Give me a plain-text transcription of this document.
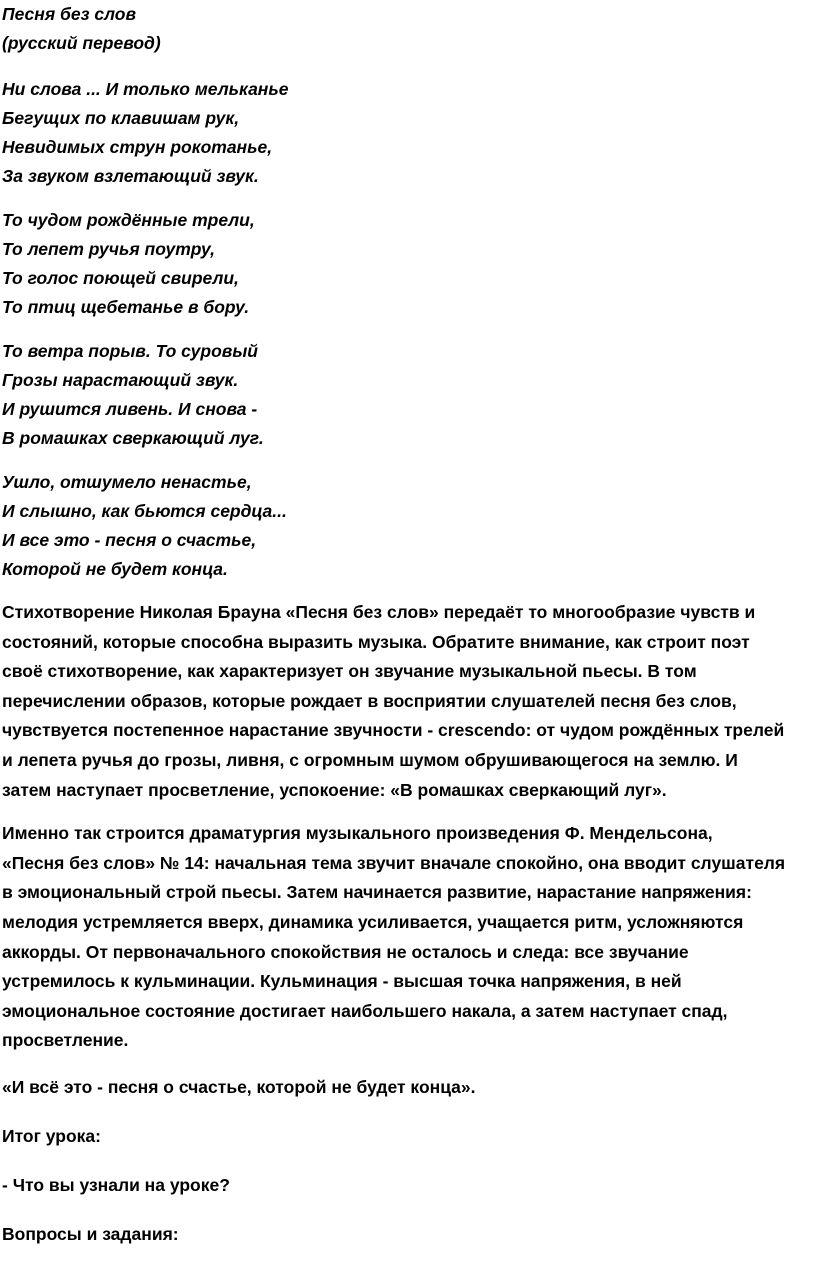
Песня без слов
(русский перевод)
Ни слова ... И только мельканье
Бегущих по клавишам рук,
Невидимых струн рокотанье,
За звуком взлетающий звук.
То чудом рождённые трели,
То лепет ручья поутру,
То голос поющей свирели,
То птиц щебетанье в бору.
То ветра порыв. То суровый
Грозы нарастающий звук.
И рушится ливень. И снова -
В ромашках сверкающий луг.
Ушло, отшумело ненастье,
И слышно, как бьются сердца...
И все это - песня о счастье,
Которой не будет конца.
Стихотворение Николая Брауна «Песня без слов» передаёт то многообразие чувств и
состояний, которые способна выразить музыка. Обратите внимание, как строит поэт
своё стихотворение, как характеризует он звучание музыкальной пьесы. В том
перечислении образов, которые рождает в восприятии слушателей песня без слов,
чувствуется постепенное нарастание звучности - crescendo: от чудом рождённых трелей
и лепета ручья до грозы, ливня, с огромным шумом обрушивающегося на землю. И
затем наступает просветление, успокоение: «В ромашках сверкающий луг».
Именно так строится драматургия музыкального произведения Ф. Мендельсона,
«Песня без слов» № 14: начальная тема звучит вначале спокойно, она вводит слушателя
в эмоциональный строй пьесы. Затем начинается развитие, нарастание напряжения:
мелодия устремляется вверх, динамика усиливается, учащается ритм, усложняются
аккорды. От первоначального спокойствия не осталось и следа: все звучание
устремилось к кульминации. Кульминация - высшая точка напряжения, в ней
эмоциональное состояние достигает наибольшего накала, а затем наступает спад,
просветление.
«И всё это - песня о счастье, которой не будет конца».
Итог урока:
- Что вы узнали на уроке?
Вопросы и задания:
